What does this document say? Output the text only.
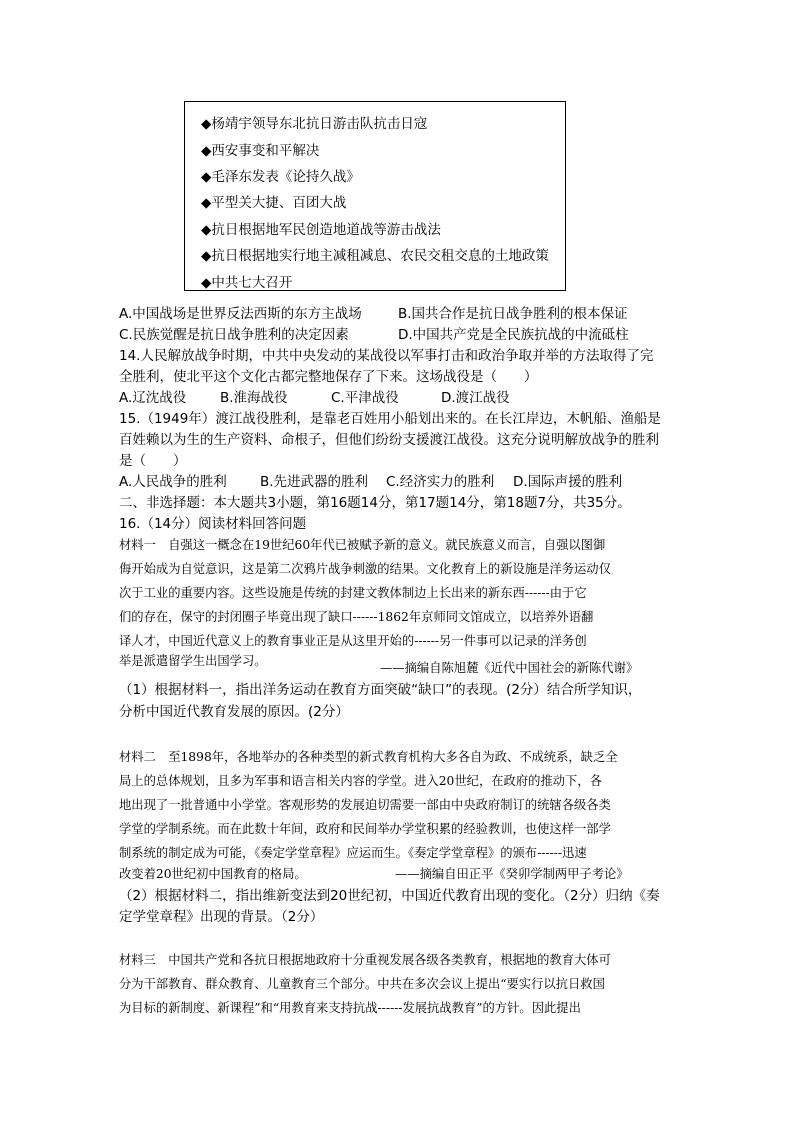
◆杨靖宇领导东北抗日游击队抗击日寇
◆西安事变和平解决
◆毛泽东发表《论持久战》
◆平型关大捷、百团大战
◆抗日根据地军民创造地道战等游击战法
◆抗日根据地实行地主减租减息、农民交租交息的土地政策
◆中共七大召开
A.中国战场是世界反法西斯的东方主战场	B.国共合作是抗日战争胜利的根本保证
C.民族觉醒是抗日战争胜利的决定因素	D.中国共产党是全民族抗战的中流砥柱
14.人民解放战争时期，中共中央发动的某战役以军事打击和政治争取并举的方法取得了完
全胜利，使北平这个文化古都完整地保存了下来。这场战役是（　　）
A.辽沈战役 B.淮海战役	C.平津战役	D.渡江战役
15.（1949年）渡江战役胜利，是靠老百姓用小船划出来的。在长江岸边，木帆船、渔船是
百姓赖以为生的生产资料、命根子，但他们纷纷支援渡江战役。这充分说明解放战争的胜利
是（　　）
A.人民战争的胜利 B.先进武器的胜利 C.经济实力的胜利 D.国际声援的胜利
二、非选择题：本大题共3小题，第16题14分，第17题14分，第18题7分，共35分。
16.（14分）阅读材料回答问题
材料一　自强这一概念在19世纪60年代已被赋予新的意义。就民族意义而言，自强以图御
侮开始成为自觉意识，这是第二次鸦片战争刺激的结果。文化教育上的新设施是洋务运动仅
次于工业的重要内容。这些设施是传统的封建文教体制边上长出来的新东西------由于它
们的存在，保守的封闭圈子毕竟出现了缺口------1862年京师同文馆成立，以培养外语翻
译人才，中国近代意义上的教育事业正是从这里开始的------另一件事可以记录的洋务创
举是派遣留学生出国学习。	——摘编自陈旭麓《近代中国社会的新陈代谢》
（1）根据材料一，指出洋务运动在教育方面突破“缺口”的表现。(2分）结合所学知识，
分析中国近代教育发展的原因。(2分）
材料二　至1898年，各地举办的各种类型的新式教育机构大多各自为政、不成统系，缺乏全
局上的总体规划，且多为军事和语言相关内容的学堂。进入20世纪，在政府的推动下，各
地出现了一批普通中小学堂。客观形势的发展迫切需要一部由中央政府制订的统辖各级各类
学堂的学制系统。而在此数十年间，政府和民间举办学堂积累的经验教训，也使这样一部学
制系统的制定成为可能，《奏定学堂章程》应运而生。《奏定学堂章程》的颁布------迅速
改变着20世纪初中国教育的格局。	——摘编自田正平《癸卯学制两甲子考论》
（2）根据材料二，指出维新变法到20世纪初，中国近代教育出现的变化。（2分）归纳《奏
定学堂章程》出现的背景。（2分）
材料三　中国共产党和各抗日根据地政府十分重视发展各级各类教育，根据地的教育大体可
分为干部教育、群众教育、儿童教育三个部分。中共在多次会议上提出“要实行以抗日救国
为目标的新制度、新课程”和“用教育来支持抗战------发展抗战教育”的方针。因此提出
